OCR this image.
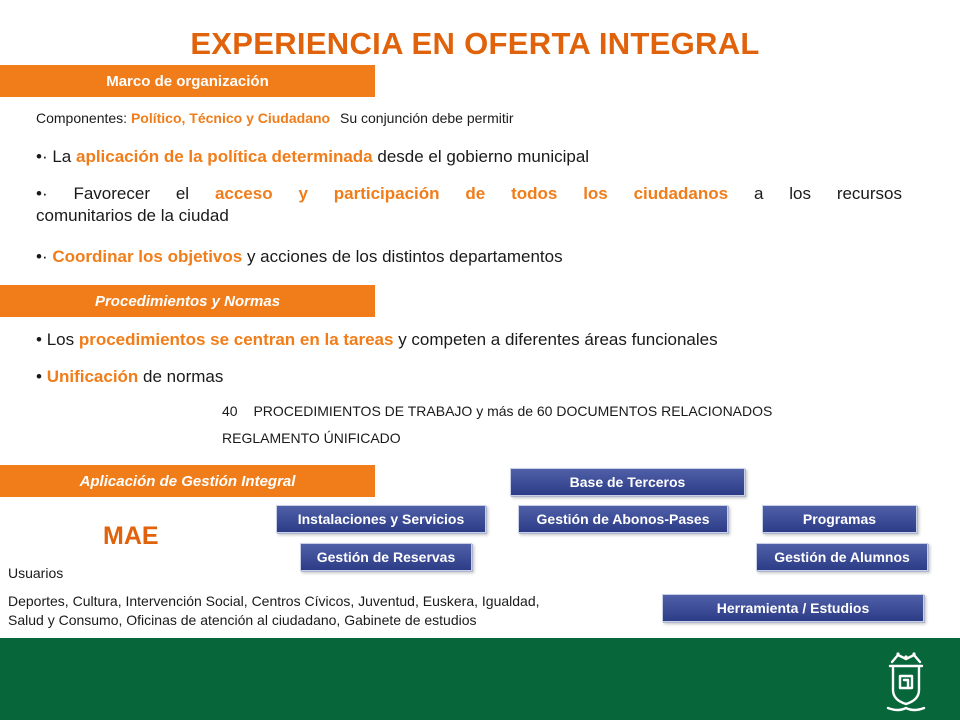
EXPERIENCIA EN OFERTA INTEGRAL
Marco de organización
Componentes: Político, Técnico y Ciudadano Su conjunción debe permitir
•· La aplicación de la política determinada desde el gobierno municipal
•· Favorecer el acceso y participación de todos los ciudadanos a los recursos
comunitarios de la ciudad
•· Coordinar los objetivos y acciones de los distintos departamentos
Procedimientos y Normas
• Los procedimientos se centran en la tareas y competen a diferentes áreas funcionales
• Unificación de normas
40 PROCEDIMIENTOS DE TRABAJO y más de 60 DOCUMENTOS RELACIONADOS
REGLAMENTO ÚNIFICADO
Aplicación de Gestión Integral
MAE
Usuarios
Deportes, Cultura, Intervención Social, Centros Cívicos, Juventud, Euskera, Igualdad,
Salud y Consumo, Oficinas de atención al ciudadano, Gabinete de estudios
Base de Terceros
Instalaciones y Servicios	Gestión de Abonos-Pases	Programas
Gestión de Reservas	Gestión de Alumnos
Herramienta / Estudios
